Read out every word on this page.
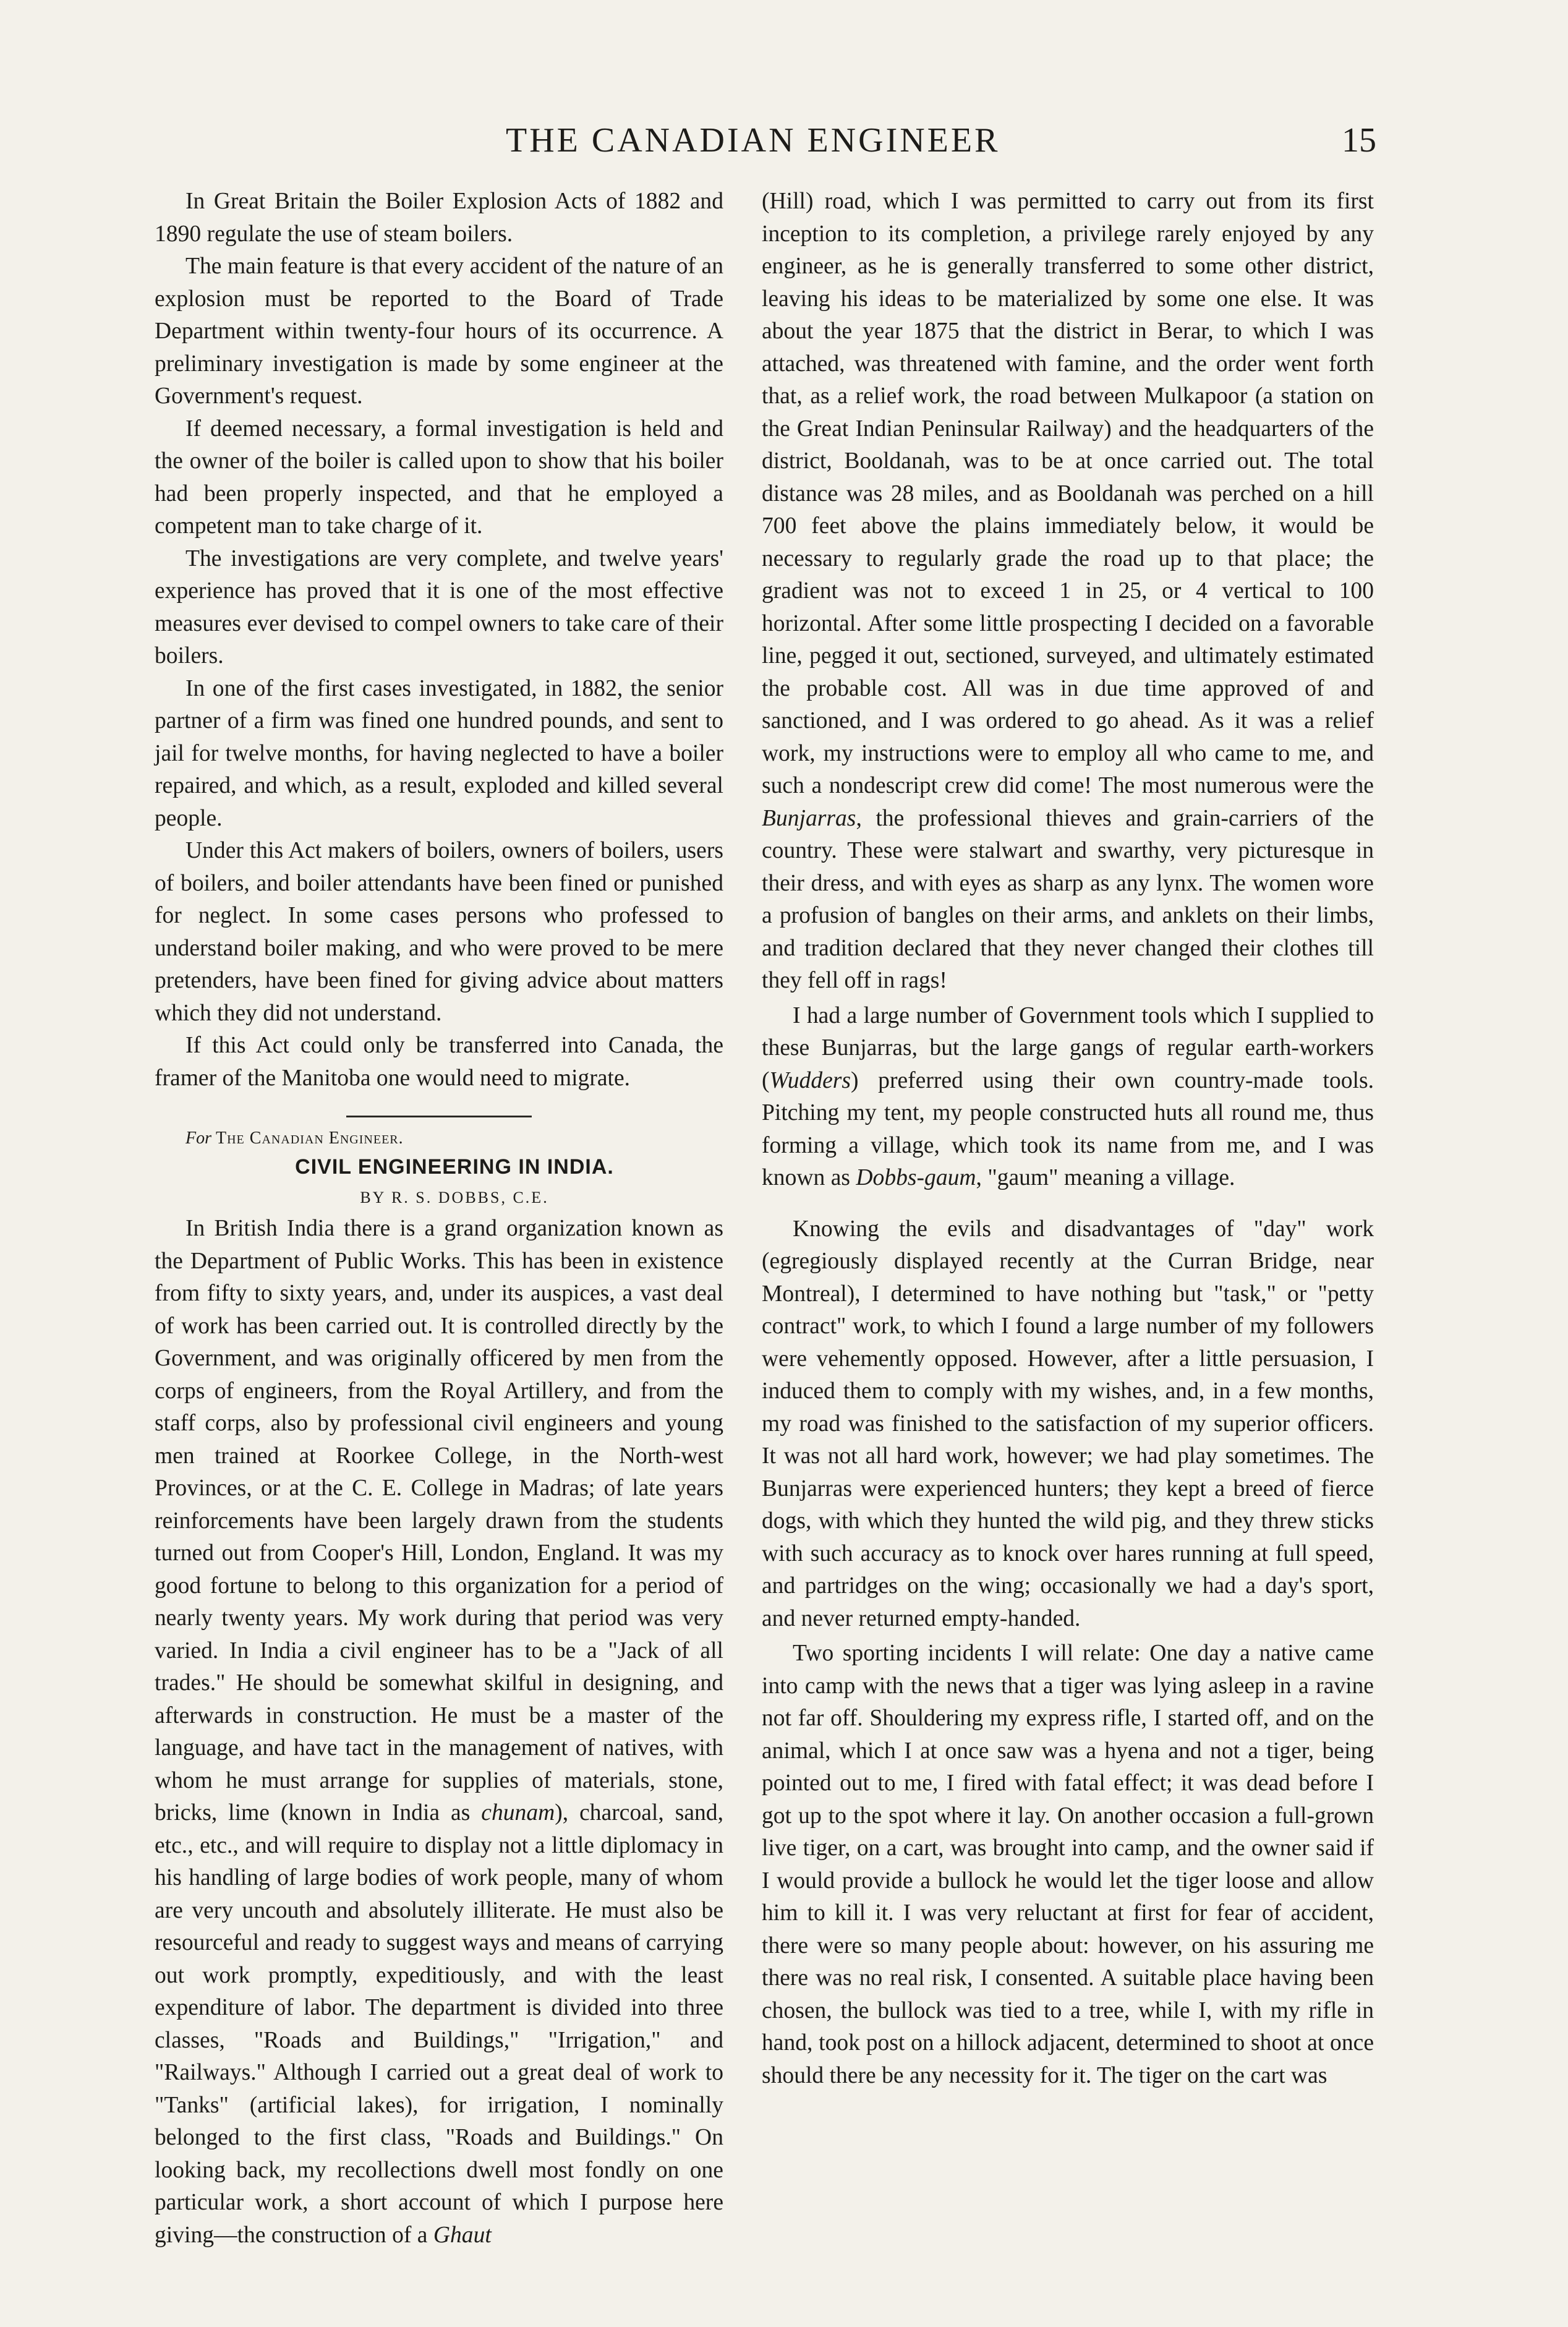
THE CANADIAN ENGINEER	15

In Great Britain the Boiler Explosion Acts of 1882 and 1890 regulate the use of steam boilers.

The main feature is that every accident of the nature of an explosion must be reported to the Board of Trade Department within twenty-four hours of its occurrence. A preliminary investigation is made by some engineer at the Government's request.

If deemed necessary, a formal investigation is held and the owner of the boiler is called upon to show that his boiler had been properly inspected, and that he employed a competent man to take charge of it.

The investigations are very complete, and twelve years' experience has proved that it is one of the most effective measures ever devised to compel owners to take care of their boilers.

In one of the first cases investigated, in 1882, the senior partner of a firm was fined one hundred pounds, and sent to jail for twelve months, for having neglected to have a boiler repaired, and which, as a result, exploded and killed several people.

Under this Act makers of boilers, owners of boilers, users of boilers, and boiler attendants have been fined or punished for neglect. In some cases persons who professed to understand boiler making, and who were proved to be mere pretenders, have been fined for giving advice about matters which they did not understand.

If this Act could only be transferred into Canada, the framer of the Manitoba one would need to migrate.

For The Canadian Engineer.

CIVIL ENGINEERING IN INDIA.

BY R. S. DOBBS, C.E.

In British India there is a grand organization known as the Department of Public Works. This has been in existence from fifty to sixty years, and, under its auspices, a vast deal of work has been carried out. It is controlled directly by the Government, and was originally officered by men from the corps of engineers, from the Royal Artillery, and from the staff corps, also by professional civil engineers and young men trained at Roorkee College, in the North-west Provinces, or at the C. E. College in Madras; of late years reinforcements have been largely drawn from the students turned out from Cooper's Hill, London, England. It was my good fortune to belong to this organization for a period of nearly twenty years. My work during that period was very varied. In India a civil engineer has to be a "Jack of all trades." He should be somewhat skilful in designing, and afterwards in construction. He must be a master of the language, and have tact in the management of natives, with whom he must arrange for supplies of materials, stone, bricks, lime (known in India as chunam), charcoal, sand, etc., etc., and will require to display not a little diplomacy in his handling of large bodies of work people, many of whom are very uncouth and absolutely illiterate. He must also be resourceful and ready to suggest ways and means of carrying out work promptly, expeditiously, and with the least expenditure of labor. The department is divided into three classes, "Roads and Buildings," "Irrigation," and "Railways." Although I carried out a great deal of work to "Tanks" (artificial lakes), for irrigation, I nominally belonged to the first class, "Roads and Buildings." On looking back, my recollections dwell most fondly on one particular work, a short account of which I purpose here giving—the construction of a Ghaut

(Hill) road, which I was permitted to carry out from its first inception to its completion, a privilege rarely enjoyed by any engineer, as he is generally transferred to some other district, leaving his ideas to be materialized by some one else. It was about the year 1875 that the district in Berar, to which I was attached, was threatened with famine, and the order went forth that, as a relief work, the road between Mulkapoor (a station on the Great Indian Peninsular Railway) and the headquarters of the district, Booldanah, was to be at once carried out. The total distance was 28 miles, and as Booldanah was perched on a hill 700 feet above the plains immediately below, it would be necessary to regularly grade the road up to that place; the gradient was not to exceed 1 in 25, or 4 vertical to 100 horizontal. After some little prospecting I decided on a favorable line, pegged it out, sectioned, surveyed, and ultimately estimated the probable cost. All was in due time approved of and sanctioned, and I was ordered to go ahead. As it was a relief work, my instructions were to employ all who came to me, and such a nondescript crew did come! The most numerous were the Bunjarras, the professional thieves and grain-carriers of the country. These were stalwart and swarthy, very picturesque in their dress, and with eyes as sharp as any lynx. The women wore a profusion of bangles on their arms, and anklets on their limbs, and tradition declared that they never changed their clothes till they fell off in rags!

I had a large number of Government tools which I supplied to these Bunjarras, but the large gangs of regular earth-workers (Wudders) preferred using their own country-made tools. Pitching my tent, my people constructed huts all round me, thus forming a village, which took its name from me, and I was known as Dobbs-gaum, "gaum" meaning a village.

Knowing the evils and disadvantages of "day" work (egregiously displayed recently at the Curran Bridge, near Montreal), I determined to have nothing but "task," or "petty contract" work, to which I found a large number of my followers were vehemently opposed. However, after a little persuasion, I induced them to comply with my wishes, and, in a few months, my road was finished to the satisfaction of my superior officers. It was not all hard work, however; we had play sometimes. The Bunjarras were experienced hunters; they kept a breed of fierce dogs, with which they hunted the wild pig, and they threw sticks with such accuracy as to knock over hares running at full speed, and partridges on the wing; occasionally we had a day's sport, and never returned empty-handed.

Two sporting incidents I will relate: One day a native came into camp with the news that a tiger was lying asleep in a ravine not far off. Shouldering my express rifle, I started off, and on the animal, which I at once saw was a hyena and not a tiger, being pointed out to me, I fired with fatal effect; it was dead before I got up to the spot where it lay. On another occasion a full-grown live tiger, on a cart, was brought into camp, and the owner said if I would provide a bullock he would let the tiger loose and allow him to kill it. I was very reluctant at first for fear of accident, there were so many people about: however, on his assuring me there was no real risk, I consented. A suitable place having been chosen, the bullock was tied to a tree, while I, with my rifle in hand, took post on a hillock adjacent, determined to shoot at once should there be any necessity for it. The tiger on the cart was
